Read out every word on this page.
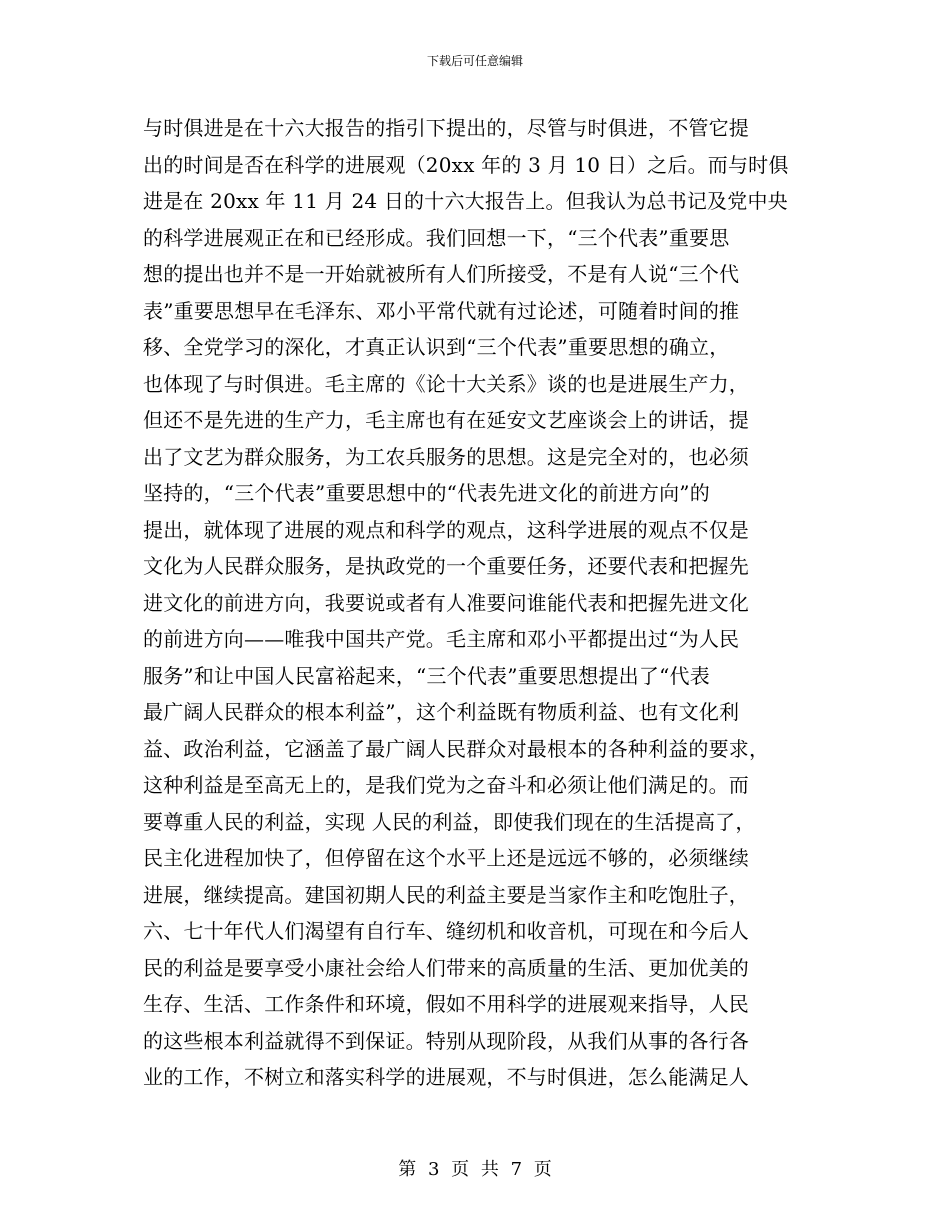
下载后可任意编辑
与时俱进是在十六大报告的指引下提出的，尽管与时俱进，不管它提
出的时间是否在科学的进展观（20xx 年的 3 月 10 日）之后。而与时俱
进是在 20xx 年 11 月 24 日的十六大报告上。但我认为总书记及党中央
的科学进展观正在和已经形成。我们回想一下，“三个代表”重要思
想的提出也并不是一开始就被所有人们所接受，不是有人说“三个代
表”重要思想早在毛泽东、邓小平常代就有过论述，可随着时间的推
移、全党学习的深化，才真正认识到“三个代表”重要思想的确立，
也体现了与时俱进。毛主席的《论十大关系》谈的也是进展生产力，
但还不是先进的生产力，毛主席也有在延安文艺座谈会上的讲话，提
出了文艺为群众服务，为工农兵服务的思想。这是完全对的，也必须
坚持的，“三个代表”重要思想中的“代表先进文化的前进方向”的
提出，就体现了进展的观点和科学的观点，这科学进展的观点不仅是
文化为人民群众服务，是执政党的一个重要任务，还要代表和把握先
进文化的前进方向，我要说或者有人准要问谁能代表和把握先进文化
的前进方向——唯我中国共产党。毛主席和邓小平都提出过“为人民
服务”和让中国人民富裕起来，“三个代表”重要思想提出了“代表
最广阔人民群众的根本利益”，这个利益既有物质利益、也有文化利
益、政治利益，它涵盖了最广阔人民群众对最根本的各种利益的要求，
这种利益是至高无上的，是我们党为之奋斗和必须让他们满足的。而
要尊重人民的利益，实现 人民的利益，即使我们现在的生活提高了，
民主化进程加快了，但停留在这个水平上还是远远不够的，必须继续
进展，继续提高。建国初期人民的利益主要是当家作主和吃饱肚子，
六、七十年代人们渴望有自行车、缝纫机和收音机，可现在和今后人
民的利益是要享受小康社会给人们带来的高质量的生活、更加优美的
生存、生活、工作条件和环境，假如不用科学的进展观来指导，人民
的这些根本利益就得不到保证。特别从现阶段，从我们从事的各行各
业的工作，不树立和落实科学的进展观，不与时俱进，怎么能满足人
第 3 页 共 7 页
